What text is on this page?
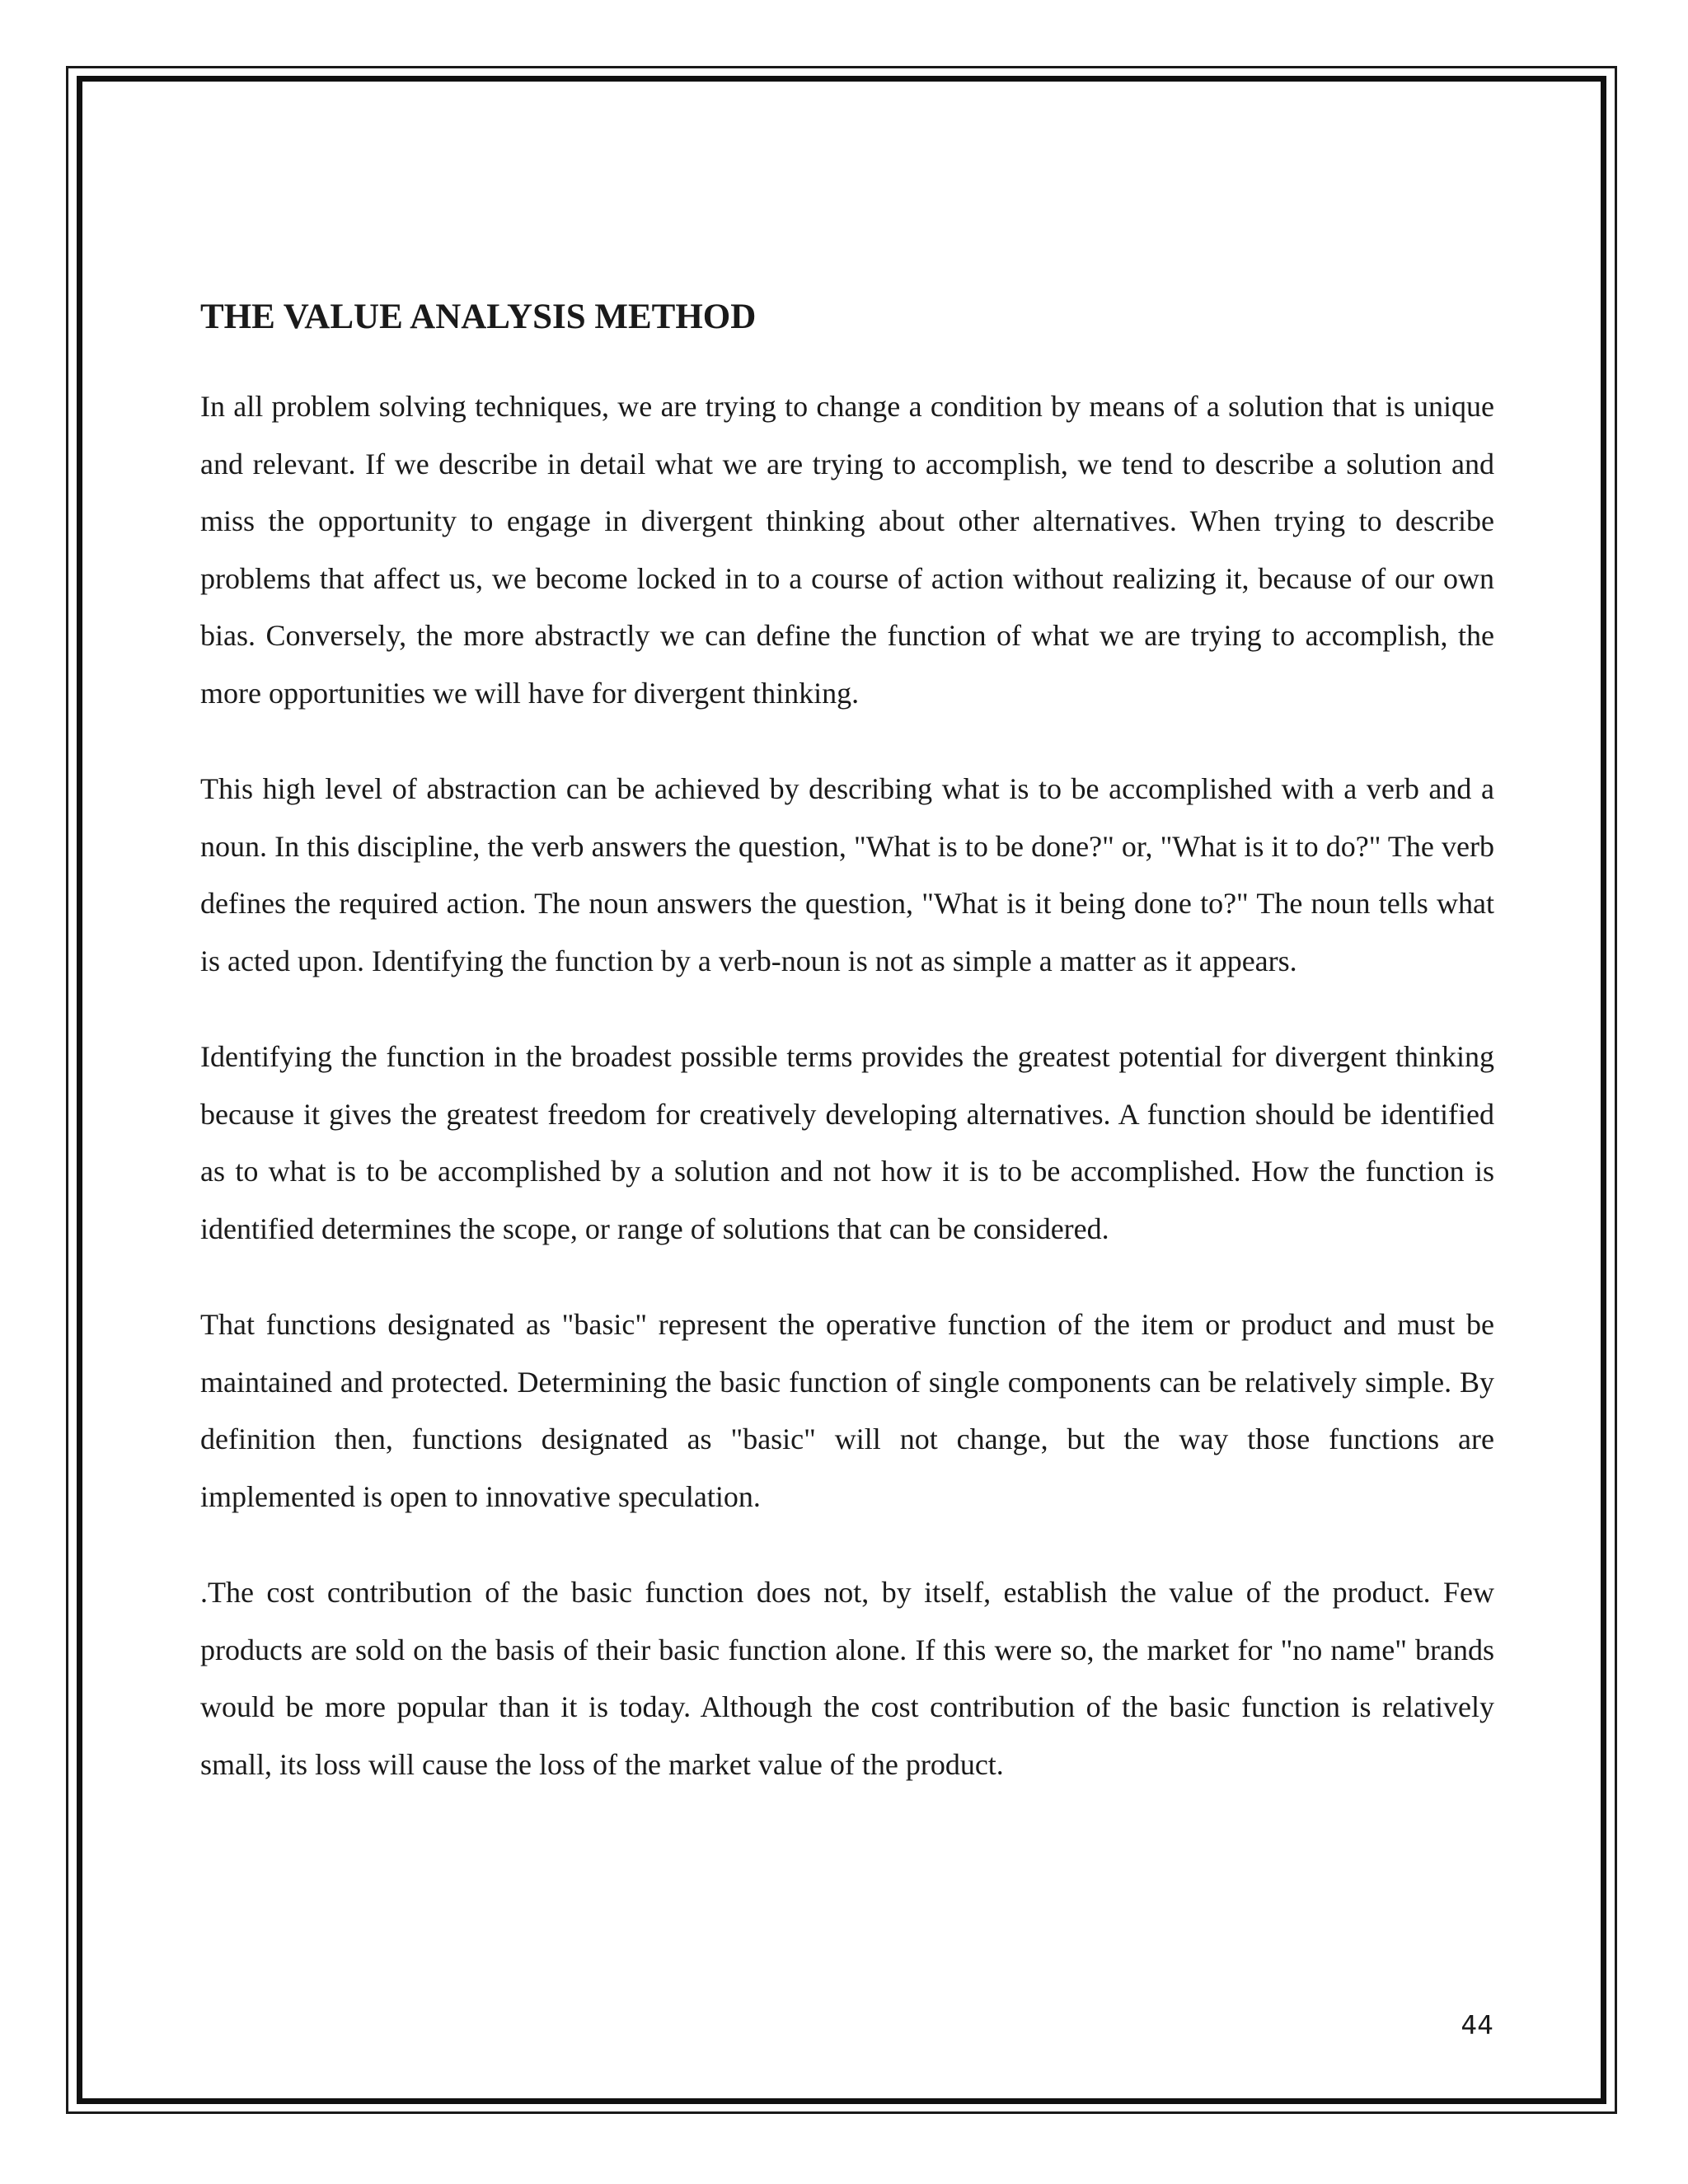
THE VALUE ANALYSIS METHOD

In all problem solving techniques, we are trying to change a condition by means of a solution that is unique and relevant. If we describe in detail what we are trying to accomplish, we tend to describe a solution and miss the opportunity to engage in divergent thinking about other alternatives. When trying to describe problems that affect us, we become locked in to a course of action without realizing it, because of our own bias. Conversely, the more abstractly we can define the function of what we are trying to accomplish, the more opportunities we will have for divergent thinking.

This high level of abstraction can be achieved by describing what is to be accomplished with a verb and a noun. In this discipline, the verb answers the question, "What is to be done?" or, "What is it to do?" The verb defines the required action. The noun answers the question, "What is it being done to?" The noun tells what is acted upon. Identifying the function by a verb-noun is not as simple a matter as it appears.

Identifying the function in the broadest possible terms provides the greatest potential for divergent thinking because it gives the greatest freedom for creatively developing alternatives. A function should be identified as to what is to be accomplished by a solution and not how it is to be accomplished. How the function is identified determines the scope, or range of solutions that can be considered.

That functions designated as "basic" represent the operative function of the item or product and must be maintained and protected. Determining the basic function of single components can be relatively simple. By definition then, functions designated as "basic" will not change, but the way those functions are implemented is open to innovative speculation.

.The cost contribution of the basic function does not, by itself, establish the value of the product. Few products are sold on the basis of their basic function alone. If this were so, the market for "no name" brands would be more popular than it is today. Although the cost contribution of the basic function is relatively small, its loss will cause the loss of the market value of the product.

44
